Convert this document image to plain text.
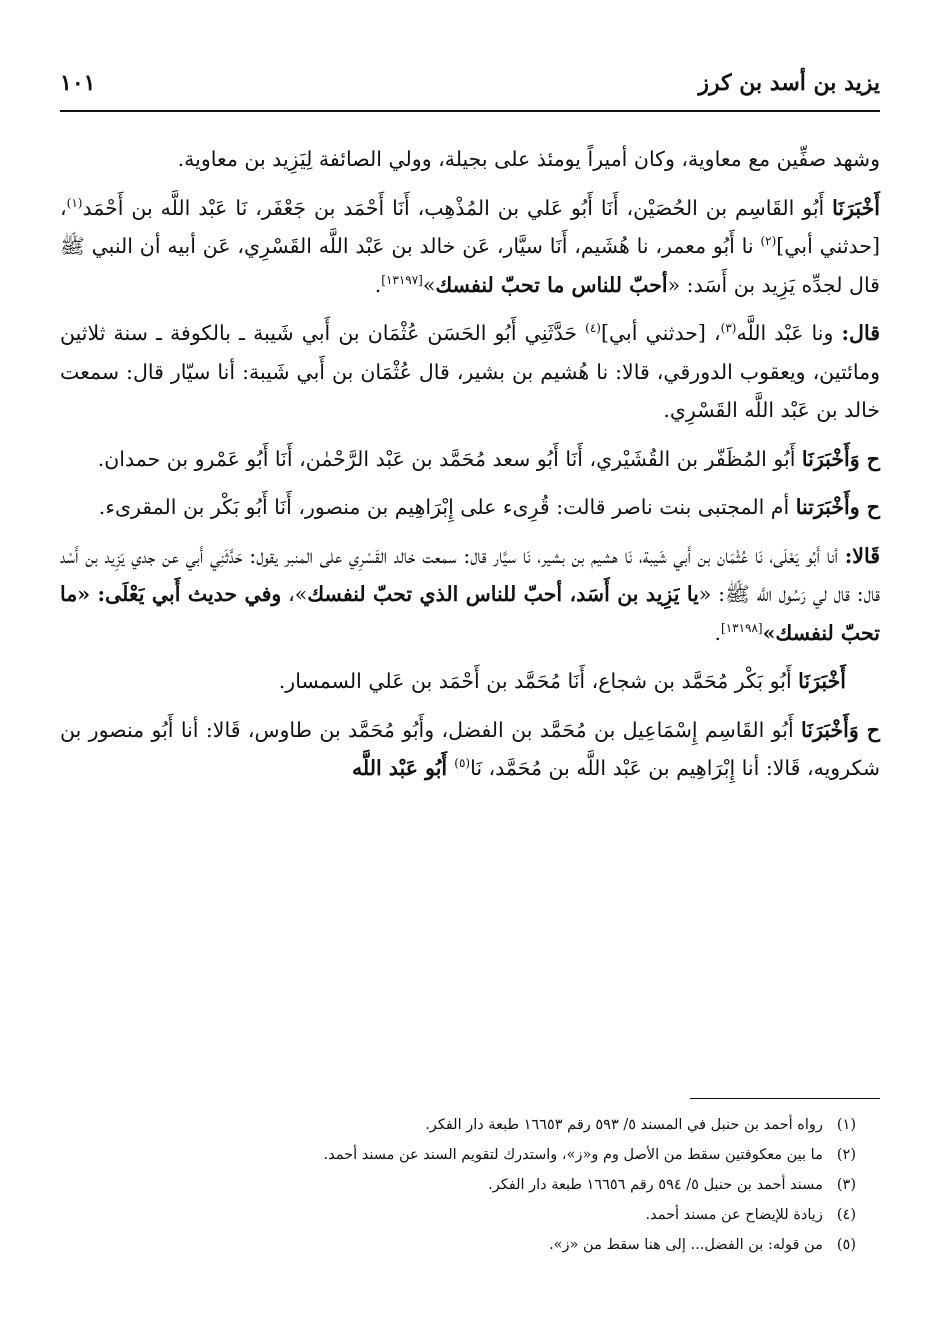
يزيد بن أسد بن كرز
١٠١

وشهد صفِّين مع معاوية، وكان أميراً يومئذ على بجيلة، وولي الصائفة لِيَزِيد بن معاوية.

أَخْبَرَنَا أَبُو القَاسِم بن الحُصَيْن، أَنَا أَبُو عَلي بن المُذْهِب، أَنَا أَحْمَد بن جَعْفَر، نَا عَبْد اللَّه بن أَحْمَد$^{(١)}$، [حدثني أبي]$^{(٢)}$ نا أَبُو معمر، نا هُشَيم، أَنَا سيَّار، عَن خالد بن عَبْد اللَّه القَسْرِي، عَن أبيه أن النبي ﷺ قال لجدِّه يَزِيد بن أَسَد: «أحبّ للناس ما تحبّ لنفسك»[١٣١٩٧].

قال: ونا عَبْد اللَّه$^{(٣)}$، [حدثني أبي]$^{(٤)}$ حَدَّثَنِي أَبُو الحَسَن عُثْمَان بن أَبي شَيبة ـ بالكوفة ـ سنة ثلاثين ومائتين، ويعقوب الدورقي، قالا: نا هُشيم بن بشير، قال عُثْمَان بن أَبي شَيبة: أنا سيّار قال: سمعت خالد بن عَبْد اللَّه القَسْرِي.

ح وَأَخْبَرَنَا أَبُو المُظَفّر بن القُشَيْري، أَنَا أَبُو سعد مُحَمَّد بن عَبْد الرَّحْمٰن، أَنَا أَبُو عَمْرو بن حمدان.

ح وأَخْبَرَتنا أم المجتبى بنت ناصر قالت: قُرِىء على إِبْرَاهِيم بن منصور، أَنَا أَبُو بَكْر بن المقرىء.

قَالا: أنا أَبُو يَعْلَى، نَا عُثْمَان بن أَبي شَيبة، نَا هشيم بن بشير، نَا سيَّار قال: سمعت خالد القَسْرِي على المنبر يقول: حَدَّثَنِي أَبي عن جدي يَزِيد بن أَسْد قال: قال لي رَسُول اللَّه ﷺ: «يا يَزِيد بن أَسَد، أحبّ للناس الذي تحبّ لنفسك»، وفي حديث أَبي يَعْلَى: «ما تحبّ لنفسك»[١٣١٩٨].

أَخْبَرَنَا أَبُو بَكْر مُحَمَّد بن شجاع، أَنَا مُحَمَّد بن أَحْمَد بن عَلي السمسار.

ح وَأَخْبَرَنَا أَبُو القَاسِم إِسْمَاعِيل بن مُحَمَّد بن الفضل، وأَبُو مُحَمَّد بن طاوس، قَالا: أنا أَبُو منصور بن شكرويه، قَالا: أنا إِبْرَاهِيم بن عَبْد اللَّه بن مُحَمَّد، نَا$^{(٥)}$ أَبُو عَبْد اللَّه

(١)رواه أحمد بن حنبل في المسند ٥/ ٥٩٣ رقم ١٦٦٥٣ طبعة دار الفكر.
(٢)ما بين معكوفتين سقط من الأصل وم و«ز»، واستدرك لتقويم السند عن مسند أحمد.
(٣)مسند أحمد بن حنبل ٥/ ٥٩٤ رقم ١٦٦٥٦ طبعة دار الفكر.
(٤)زيادة للإيضاح عن مسند أحمد.
(٥)من قوله: بن الفضل... إلى هنا سقط من «ز».
